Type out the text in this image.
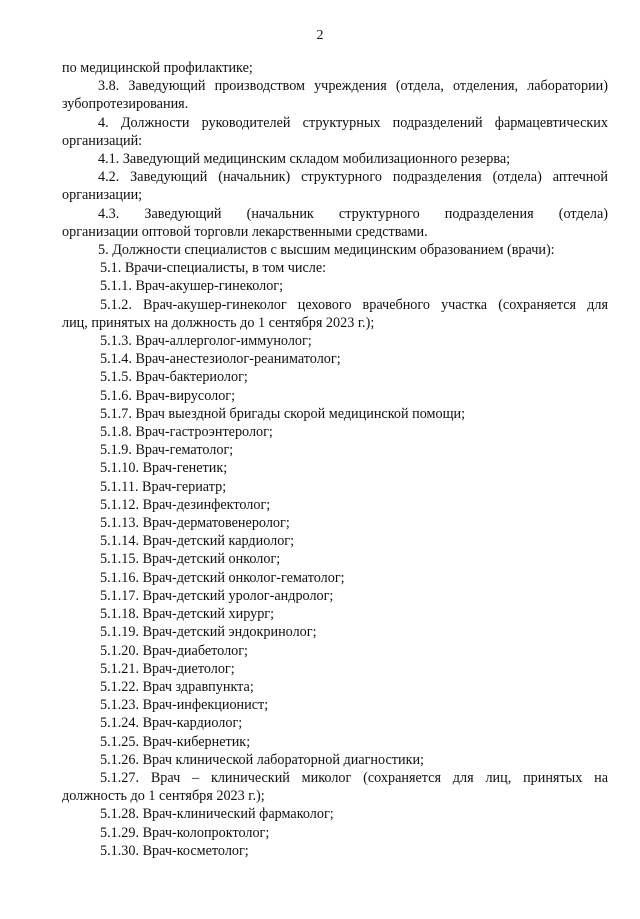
2
по медицинской профилактике;
3.8. Заведующий производством учреждения (отдела, отделения, лаборатории)
зубопротезирования.
4. Должности руководителей структурных подразделений фармацевтических
организаций:
4.1. Заведующий медицинским складом мобилизационного резерва;
4.2. Заведующий (начальник) структурного подразделения (отдела) аптечной
организации;
4.3. Заведующий (начальник структурного подразделения (отдела)
организации оптовой торговли лекарственными средствами.
5. Должности специалистов с высшим медицинским образованием (врачи):
5.1. Врачи-специалисты, в том числе:
5.1.1. Врач-акушер-гинеколог;
5.1.2. Врач-акушер-гинеколог цехового врачебного участка (сохраняется для
лиц, принятых на должность до 1 сентября 2023 г.);
5.1.3. Врач-аллерголог-иммунолог;
5.1.4. Врач-анестезиолог-реаниматолог;
5.1.5. Врач-бактериолог;
5.1.6. Врач-вирусолог;
5.1.7. Врач выездной бригады скорой медицинской помощи;
5.1.8. Врач-гастроэнтеролог;
5.1.9. Врач-гематолог;
5.1.10. Врач-генетик;
5.1.11. Врач-гериатр;
5.1.12. Врач-дезинфектолог;
5.1.13. Врач-дерматовенеролог;
5.1.14. Врач-детский кардиолог;
5.1.15. Врач-детский онколог;
5.1.16. Врач-детский онколог-гематолог;
5.1.17. Врач-детский уролог-андролог;
5.1.18. Врач-детский хирург;
5.1.19. Врач-детский эндокринолог;
5.1.20. Врач-диабетолог;
5.1.21. Врач-диетолог;
5.1.22. Врач здравпункта;
5.1.23. Врач-инфекционист;
5.1.24. Врач-кардиолог;
5.1.25. Врач-кибернетик;
5.1.26. Врач клинической лабораторной диагностики;
5.1.27. Врач – клинический миколог (сохраняется для лиц, принятых на
должность до 1 сентября 2023 г.);
5.1.28. Врач-клинический фармаколог;
5.1.29. Врач-колопроктолог;
5.1.30. Врач-косметолог;
